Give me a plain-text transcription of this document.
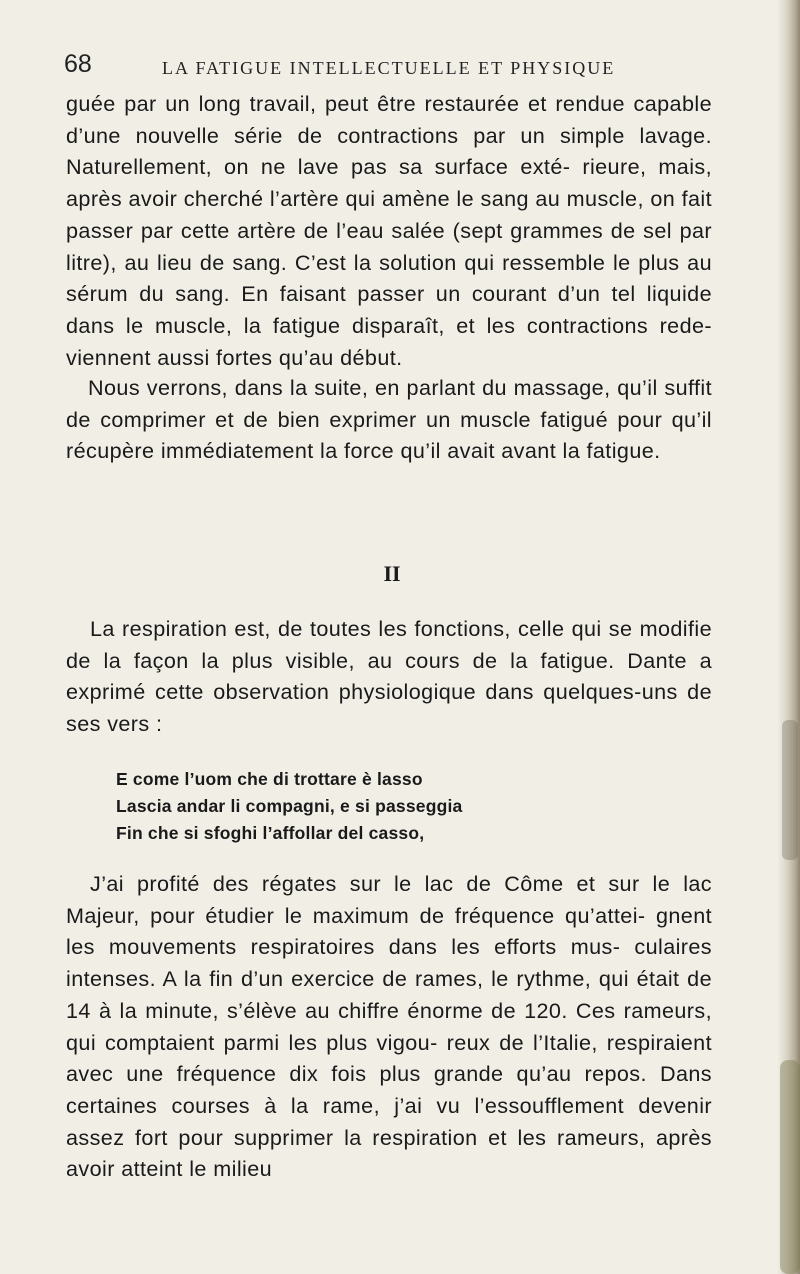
68	LA FATIGUE INTELLECTUELLE ET PHYSIQUE
guée par un long travail, peut être restaurée et rendue capable d’une nouvelle série de contractions par un simple lavage. Naturellement, on ne lave pas sa surface exté- rieure, mais, après avoir cherché l’artère qui amène le sang au muscle, on fait passer par cette artère de l’eau salée (sept grammes de sel par litre), au lieu de sang. C’est la solution qui ressemble le plus au sérum du sang. En faisant passer un courant d’un tel liquide dans le muscle, la fatigue disparaît, et les contractions rede- viennent aussi fortes qu’au début.
Nous verrons, dans la suite, en parlant du massage, qu’il suffit de comprimer et de bien exprimer un muscle fatigué pour qu’il récupère immédiatement la force qu’il avait avant la fatigue.
II
La respiration est, de toutes les fonctions, celle qui se modifie de la façon la plus visible, au cours de la fatigue. Dante a exprimé cette observation physiologique dans quelques-uns de ses vers :
E come l’uom che di trottare è lasso
Lascia andar li compagni, e si passeggia
Fin che si sfoghi l’affollar del casso,
J’ai profité des régates sur le lac de Côme et sur le lac Majeur, pour étudier le maximum de fréquence qu’attei- gnent les mouvements respiratoires dans les efforts mus- culaires intenses. A la fin d’un exercice de rames, le rythme, qui était de 14 à la minute, s’élève au chiffre énorme de 120. Ces rameurs, qui comptaient parmi les plus vigou- reux de l’Italie, respiraient avec une fréquence dix fois plus grande qu’au repos. Dans certaines courses à la rame, j’ai vu l’essoufflement devenir assez fort pour supprimer la respiration et les rameurs, après avoir atteint le milieu
